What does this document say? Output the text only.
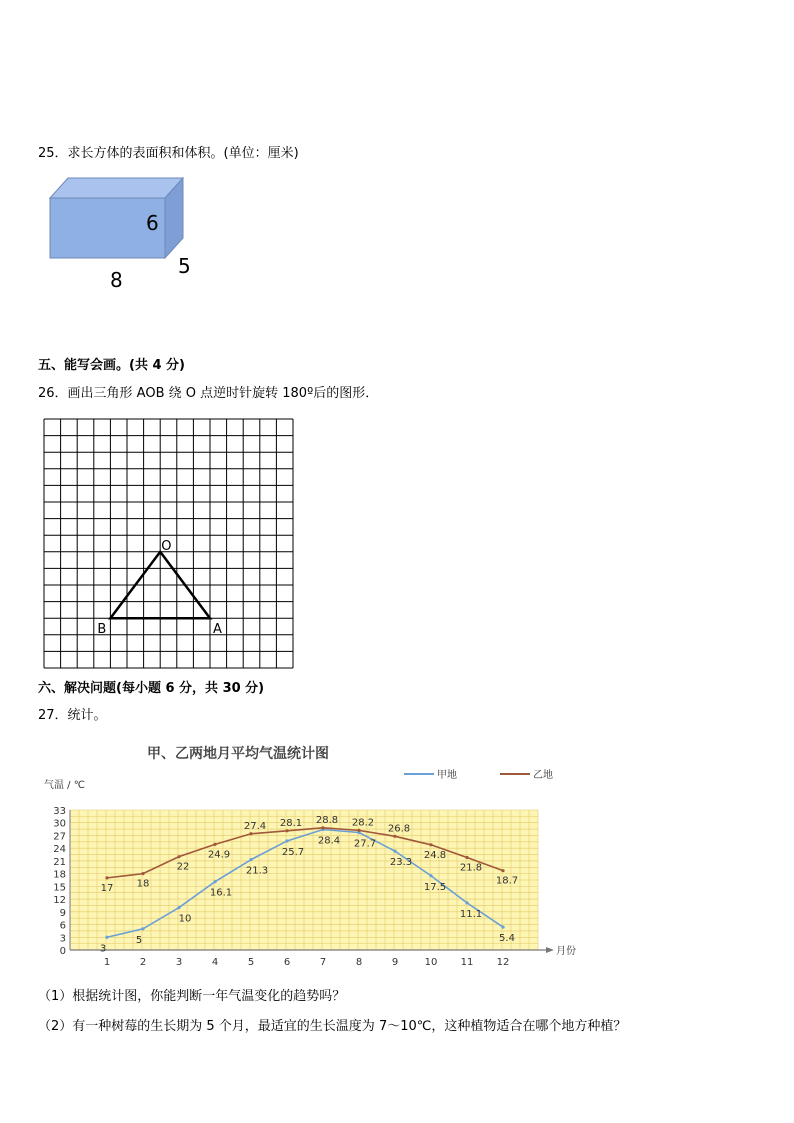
25．求长方体的表面积和体积。(单位：厘米)
6
8
5
五、能写会画。(共 4 分)
26．画出三角形 AOB 绕 O 点逆时针旋转 180º后的图形．
O
B	A
六、解决问题(每小题 6 分，共 30 分)
27．统计。
甲、乙两地月平均气温统计图
气温 / ℃
甲地	乙地
月份
0
3
6
9
12
15
18
21
24
27
30
33
1	2	3	4	5	6	7	8	9	10 11 12
3
5
10
16.1
21.3
25.7
28.4 27.7
23.3
17.5
11.1
5.4
17 18
22
24.9
27.4 28.1 28.8 28.2
26.8
24.8
21.8
18.7
（1）根据统计图，你能判断一年气温变化的趋势吗？
（2）有一种树莓的生长期为 5 个月，最适宜的生长温度为 7～10℃，这种植物适合在哪个地方种植？
